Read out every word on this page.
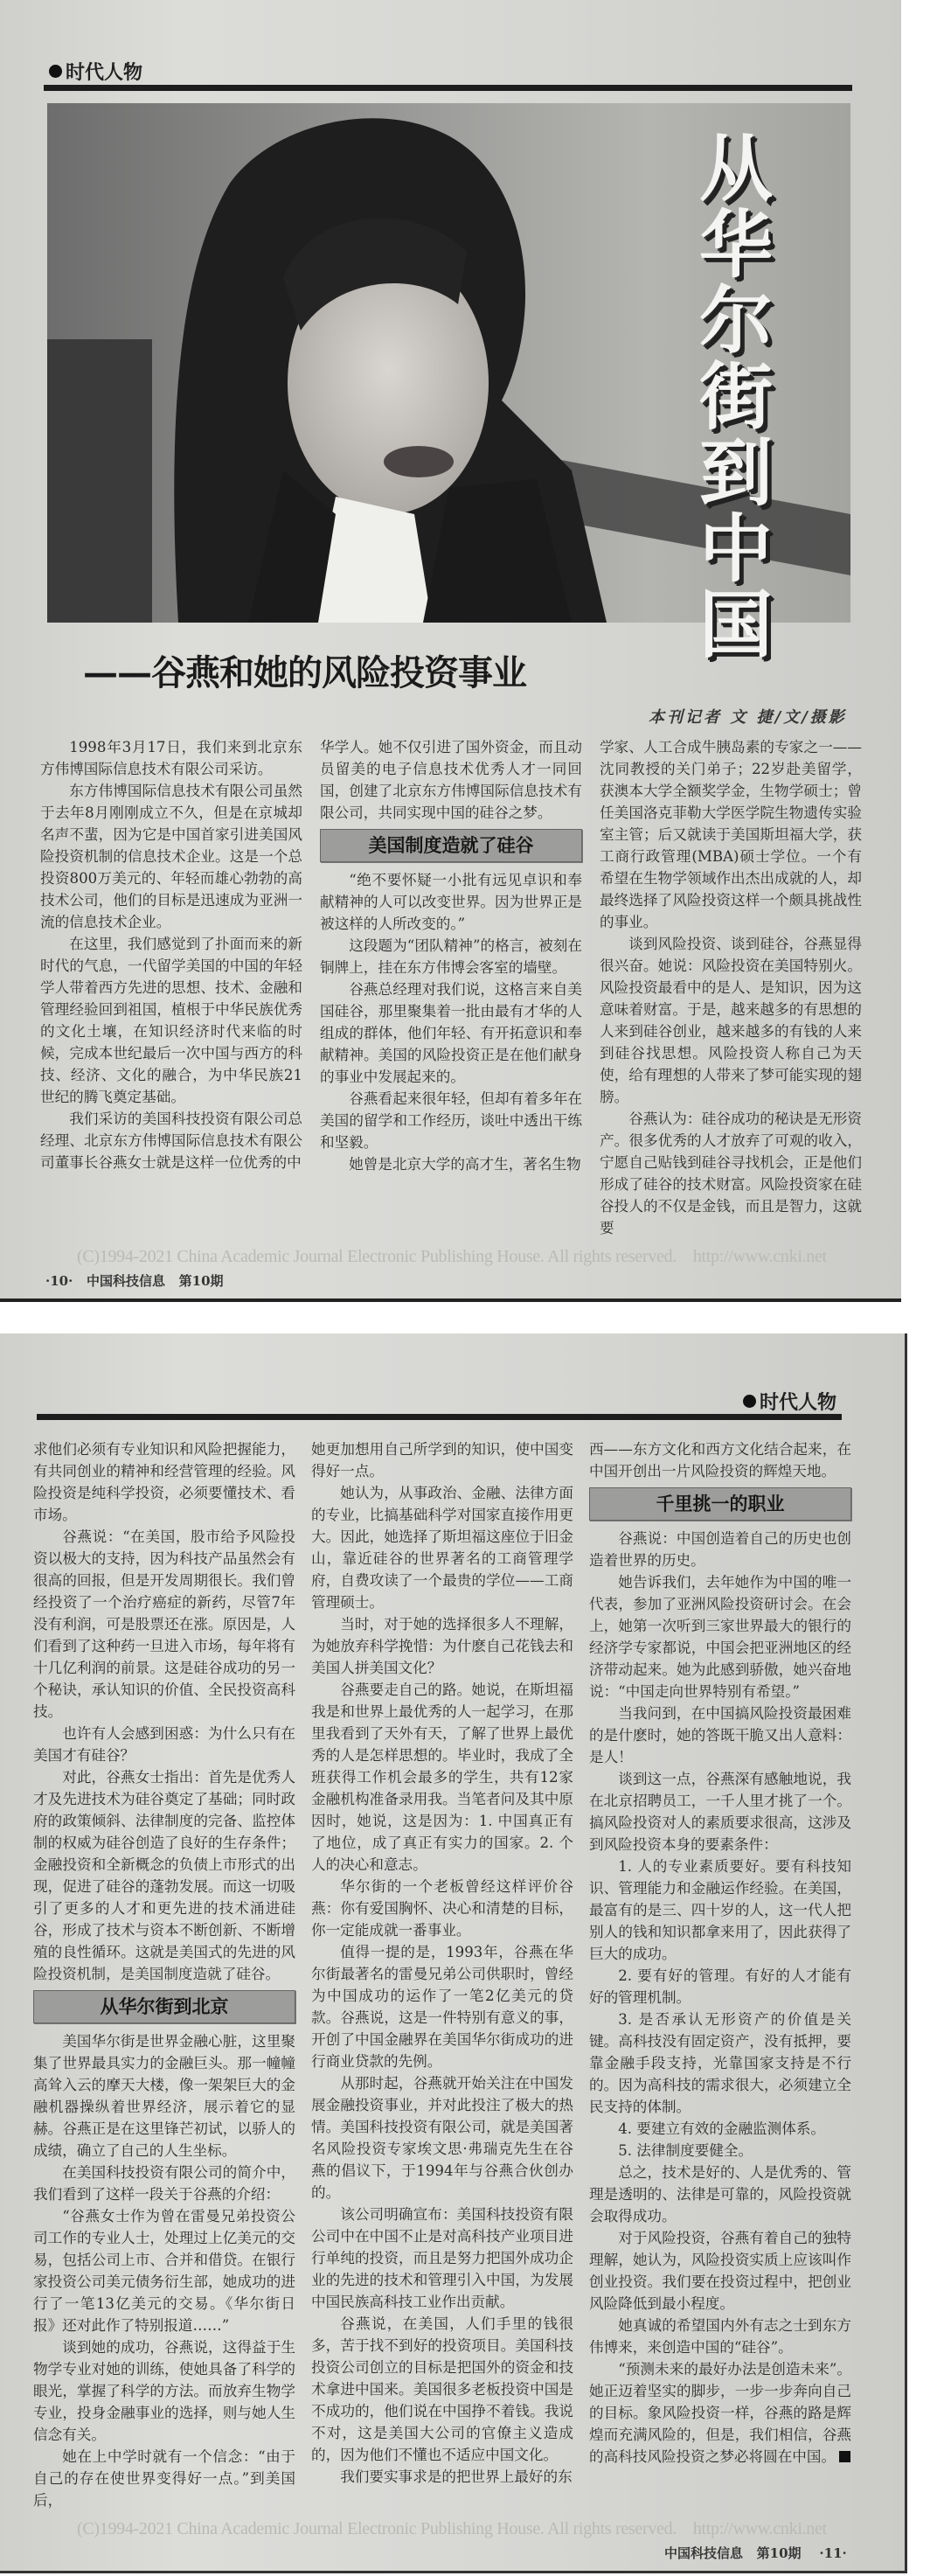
时代人物
从
华
尔
街
到
中
国
——谷燕和她的风险投资事业
本刊记者 文 捷/文/摄影

1998年3月17日，我们来到北京东方伟博国际信息技术有限公司采访。

东方伟博国际信息技术有限公司虽然于去年8月刚刚成立不久，但是在京城却名声不蜚，因为它是中国首家引进美国风险投资机制的信息技术企业。这是一个总投资800万美元的、年轻而雄心勃勃的高技术公司，他们的目标是迅速成为亚洲一流的信息技术企业。

在这里，我们感觉到了扑面而来的新时代的气息，一代留学美国的中国的年轻学人带着西方先进的思想、技术、金融和管理经验回到祖国，植根于中华民族优秀的文化土壤，在知识经济时代来临的时候，完成本世纪最后一次中国与西方的科技、经济、文化的融合，为中华民族21世纪的腾飞奠定基础。

我们采访的美国科技投资有限公司总经理、北京东方伟博国际信息技术有限公司董事长谷燕女士就是这样一位优秀的中

华学人。她不仅引进了国外资金，而且动员留美的电子信息技术优秀人才一同回国，创建了北京东方伟博国际信息技术有限公司，共同实现中国的硅谷之梦。

美国制度造就了硅谷

“绝不要怀疑一小批有远见卓识和奉献精神的人可以改变世界。因为世界正是被这样的人所改变的。”

这段题为“团队精神”的格言，被刻在铜牌上，挂在东方伟博会客室的墙壁。

谷燕总经理对我们说，这格言来自美国硅谷，那里聚集着一批由最有才华的人组成的群体，他们年轻、有开拓意识和奉献精神。美国的风险投资正是在他们献身的事业中发展起来的。

谷燕看起来很年轻，但却有着多年在美国的留学和工作经历，谈吐中透出干练和坚毅。

她曾是北京大学的高才生，著名生物

学家、人工合成牛胰岛素的专家之一——沈同教授的关门弟子；22岁赴美留学，获澳本大学全额奖学金，生物学硕士；曾任美国洛克菲勒大学医学院生物遗传实验室主管；后又就读于美国斯坦福大学，获工商行政管理(MBA)硕士学位。一个有希望在生物学领域作出杰出成就的人，却最终选择了风险投资这样一个颇具挑战性的事业。

谈到风险投资、谈到硅谷，谷燕显得很兴奋。她说：风险投资在美国特别火。风险投资最看中的是人、是知识，因为这意味着财富。于是，越来越多的有思想的人来到硅谷创业，越来越多的有钱的人来到硅谷找思想。风险投资人称自己为天使，给有理想的人带来了梦可能实现的翅膀。

谷燕认为：硅谷成功的秘诀是无形资产。很多优秀的人才放弃了可观的收入，宁愿自己贴钱到硅谷寻找机会，正是他们形成了硅谷的技术财富。风险投资家在硅谷投人的不仅是金钱，而且是智力，这就要

(C)1994-2021 China Academic Journal Electronic Publishing House. All rights reserved.    http://www.cnki.net
·10·   中国科技信息   第10期
时代人物

求他们必须有专业知识和风险把握能力，有共同创业的精神和经营管理的经验。风险投资是纯科学投资，必须要懂技术、看市场。

谷燕说：“在美国，股市给予风险投资以极大的支持，因为科技产品虽然会有很高的回报，但是开发周期很长。我们曾经投资了一个治疗癌症的新药，尽管7年没有利润，可是股票还在涨。原因是，人们看到了这种药一旦进入市场，每年将有十几亿利润的前景。这是硅谷成功的另一个秘诀，承认知识的价值、全民投资高科技。

也许有人会感到困惑：为什么只有在美国才有硅谷？

对此，谷燕女士指出：首先是优秀人才及先进技术为硅谷奠定了基础；同时政府的政策倾斜、法律制度的完备、监控体制的权威为硅谷创造了良好的生存条件；金融投资和全新概念的负债上市形式的出现，促进了硅谷的蓬勃发展。而这一切吸引了更多的人才和更先进的技术涌进硅谷，形成了技术与资本不断创新、不断增殖的良性循环。这就是美国式的先进的风险投资机制，是美国制度造就了硅谷。

从华尔街到北京

美国华尔街是世界金融心脏，这里聚集了世界最具实力的金融巨头。那一幢幢高耸入云的摩天大楼，像一架架巨大的金融机器操纵着世界经济，展示着它的显赫。谷燕正是在这里锋芒初试，以骄人的成绩，确立了自己的人生坐标。

在美国科技投资有限公司的简介中，我们看到了这样一段关于谷燕的介绍：

“谷燕女士作为曾在雷曼兄弟投资公司工作的专业人士，处理过上亿美元的交易，包括公司上市、合并和借贷。在银行家投资公司美元债务衍生部，她成功的进行了一笔13亿美元的交易。《华尔街日报》还对此作了特别报道……”

谈到她的成功，谷燕说，这得益于生物学专业对她的训练，使她具备了科学的眼光，掌握了科学的方法。而放弃生物学专业，投身金融事业的选择，则与她人生信念有关。

她在上中学时就有一个信念：“由于自己的存在使世界变得好一点。”到美国后，

她更加想用自己所学到的知识，使中国变得好一点。

她认为，从事政治、金融、法律方面的专业，比搞基础科学对国家直接作用更大。因此，她选择了斯坦福这座位于旧金山，靠近硅谷的世界著名的工商管理学府，自费攻读了一个最贵的学位——工商管理硕士。

当时，对于她的选择很多人不理解，为她放弃科学挽惜：为什麽自己花钱去和美国人拼美国文化？

谷燕要走自己的路。她说，在斯坦福我是和世界上最优秀的人一起学习，在那里我看到了天外有天，了解了世界上最优秀的人是怎样思想的。毕业时，我成了全班获得工作机会最多的学生，共有12家金融机构准备录用我。当笔者问及其中原因时，她说，这是因为：1. 中国真正有了地位，成了真正有实力的国家。2. 个人的决心和意志。

华尔街的一个老板曾经这样评价谷燕：你有爱国胸怀、决心和清楚的目标，你一定能成就一番事业。

值得一提的是，1993年，谷燕在华尔街最著名的雷曼兄弟公司供职时，曾经为中国成功的运作了一笔2亿美元的贷款。谷燕说，这是一件特别有意义的事，开创了中国金融界在美国华尔街成功的进行商业贷款的先例。

从那时起，谷燕就开始关注在中国发展金融投资事业，并对此投注了极大的热情。美国科技投资有限公司，就是美国著名风险投资专家埃文思·弗瑞克先生在谷燕的倡议下，于1994年与谷燕合伙创办的。

该公司明确宣布：美国科技投资有限公司中在中国不止是对高科技产业项目进行单纯的投资，而且是努力把国外成功企业的先进的技术和管理引入中国，为发展中国民族高科技工业作出贡献。

谷燕说，在美国，人们手里的钱很多，苦于找不到好的投资项目。美国科技投资公司创立的目标是把国外的资金和技术拿进中国来。美国很多老板投资中国是不成功的，他们说在中国挣不着钱。我说不对，这是美国大公司的官僚主义造成的，因为他们不懂也不适应中国文化。

我们要实事求是的把世界上最好的东

西——东方文化和西方文化结合起来，在中国开创出一片风险投资的辉煌天地。

千里挑一的职业

谷燕说：中国创造着自己的历史也创造着世界的历史。

她告诉我们，去年她作为中国的唯一代表，参加了亚洲风险投资研讨会。在会上，她第一次听到三家世界最大的银行的经济学专家都说，中国会把亚洲地区的经济带动起来。她为此感到骄傲，她兴奋地说：“中国走向世界特别有希望。”

当我问到，在中国搞风险投资最困难的是什麽时，她的答既干脆又出人意料：是人！

谈到这一点，谷燕深有感触地说，我在北京招聘员工，一千人里才挑了一个。搞风险投资对人的素质要求很高，这涉及到风险投资本身的要素条件：

1. 人的专业素质要好。要有科技知识、管理能力和金融运作经验。在美国，最富有的是三、四十岁的人，这一代人把别人的钱和知识都拿来用了，因此获得了巨大的成功。

2. 要有好的管理。有好的人才能有好的管理机制。

3. 是否承认无形资产的价值是关键。高科技没有固定资产，没有抵押，要靠金融手段支持，光靠国家支持是不行的。因为高科技的需求很大，必须建立全民支持的体制。

4. 要建立有效的金融监测体系。

5. 法律制度要健全。

总之，技术是好的、人是优秀的、管理是透明的、法律是可靠的，风险投资就会取得成功。

对于风险投资，谷燕有着自己的独特理解，她认为，风险投资实质上应该叫作创业投资。我们要在投资过程中，把创业风险降低到最小程度。

她真诚的希望国内外有志之士到东方伟博来，来创造中国的“硅谷”。

“预测未来的最好办法是创造未来”。她正迈着坚实的脚步，一步一步奔向自己的目标。象风险投资一样，谷燕的路是辉煌而充满风险的，但是，我们相信，谷燕的高科技风险投资之梦必将圆在中国。

(C)1994-2021 China Academic Journal Electronic Publishing House. All rights reserved.    http://www.cnki.net
中国科技信息   第10期    ·11·
